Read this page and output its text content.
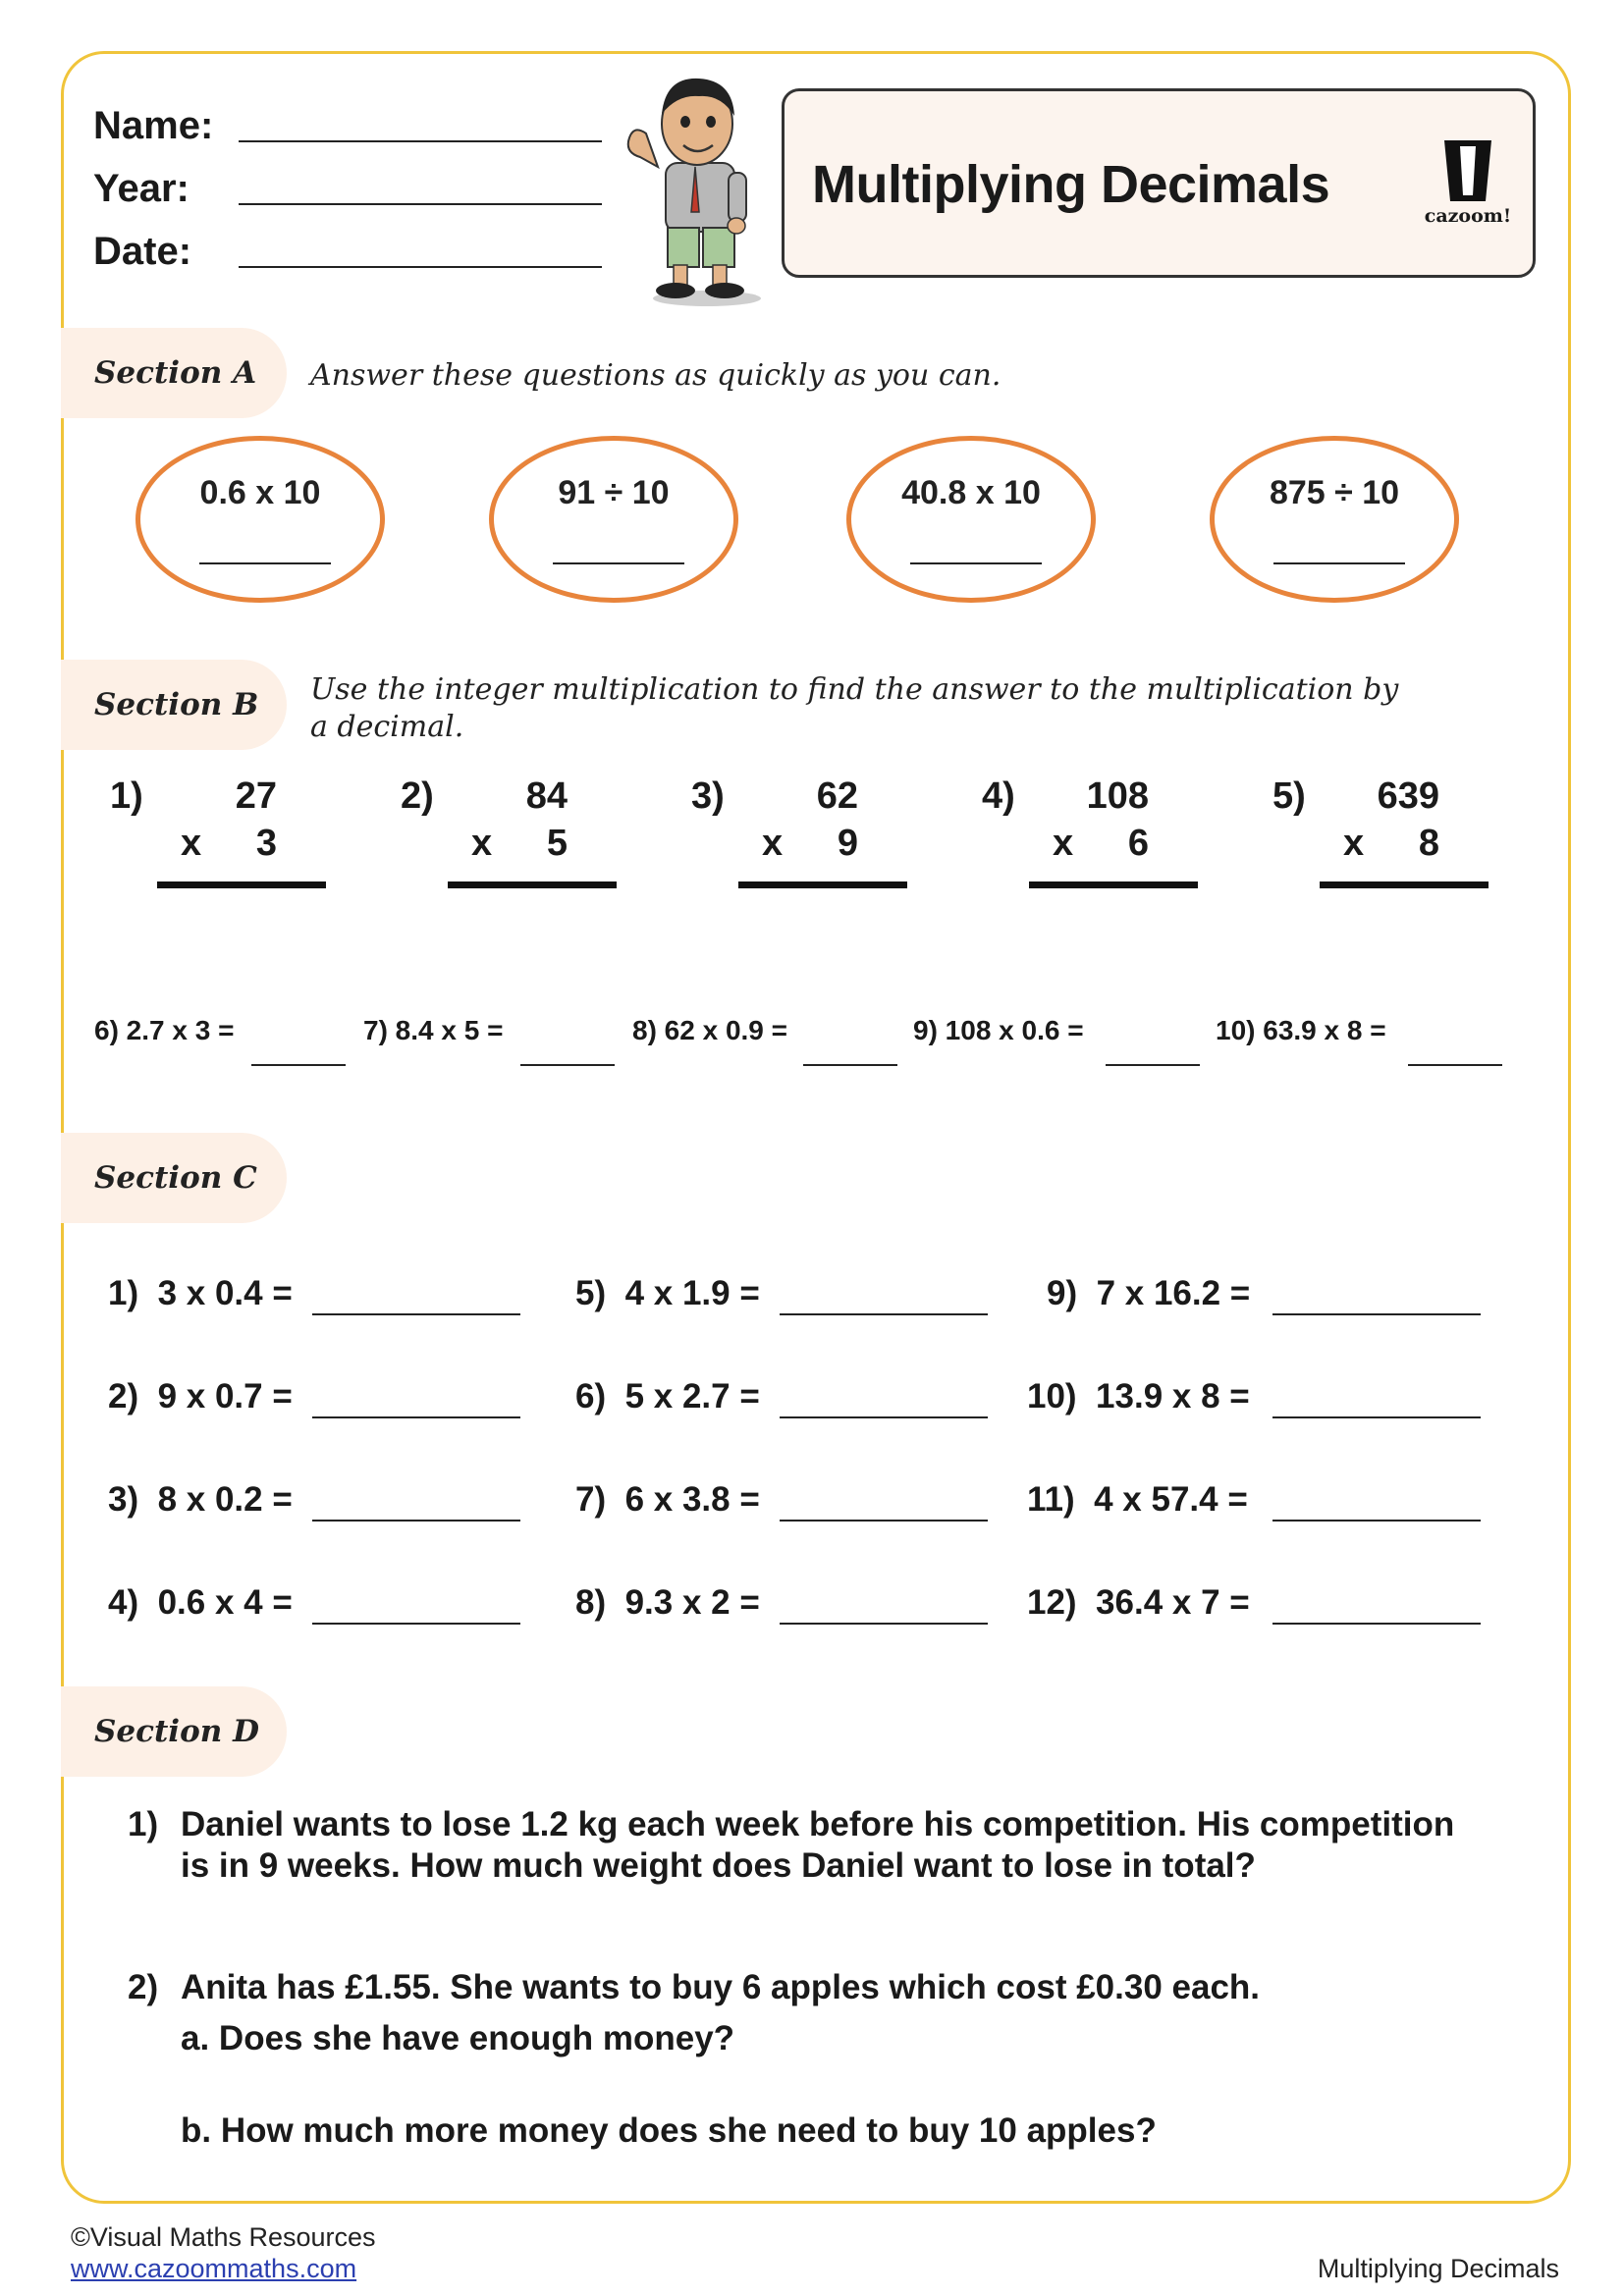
Name:
Year:
Date:
Multiplying Decimals
cazoom!
Section A Answer these questions as quickly as you can.
0.6 x 10	91 ÷ 10	40.8 x 10	875 ÷ 10
Section B Use the integer multiplication to find the answer to the multiplication by
a decimal.
1) 27
x 3
2) 84
x 5
3) 62
x 9
4) 108
x 6
5) 639
x 8
6) 2.7 x 3 =	7) 8.4 x 5 =	8) 62 x 0.9 =	9) 108 x 0.6 =	10) 63.9 x 8 =
Section C
1) 3 x 0.4 =
2) 9 x 0.7 =
3) 8 x 0.2 =
4) 0.6 x 4 =
5) 4 x 1.9 =
6) 5 x 2.7 =
7) 6 x 3.8 =
8) 9.3 x 2 =
9) 7 x 16.2 =
10) 13.9 x 8 =
11) 4 x 57.4 =
12) 36.4 x 7 =
Section D
1) Daniel wants to lose 1.2 kg each week before his competition. His competition
is in 9 weeks. How much weight does Daniel want to lose in total?
2) Anita has £1.55. She wants to buy 6 apples which cost £0.30 each.
a. Does she have enough money?
b. How much more money does she need to buy 10 apples?
©Visual Maths Resources
www.cazoommaths.com	Multiplying Decimals
